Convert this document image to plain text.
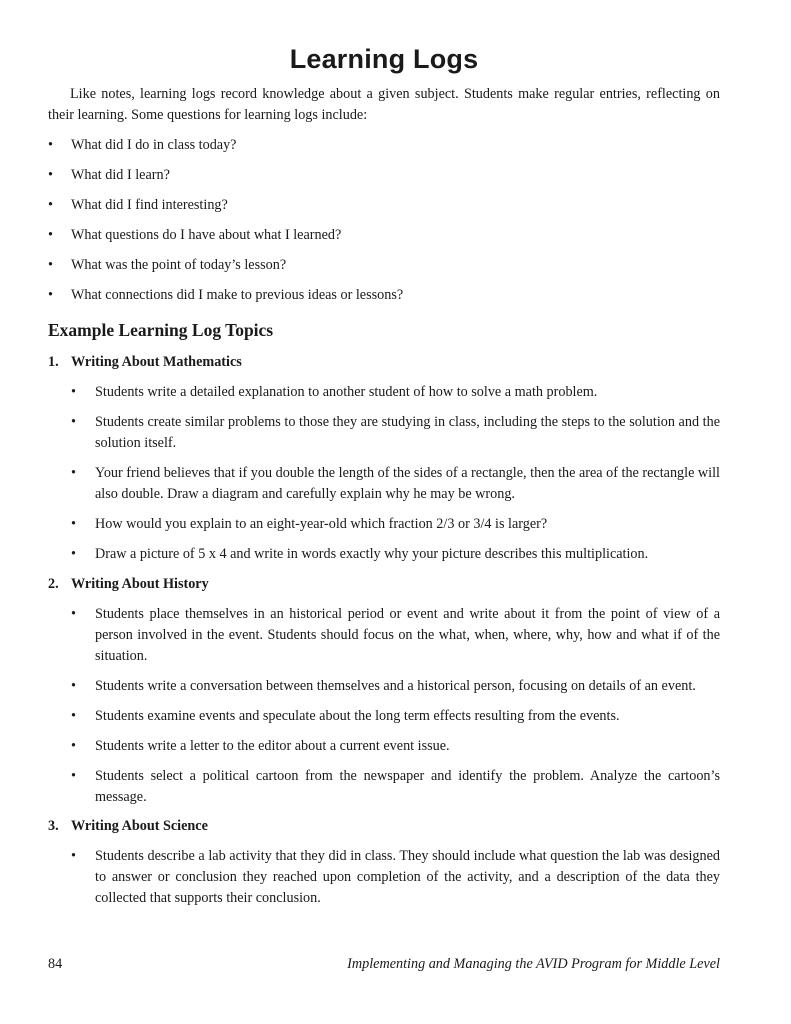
Learning Logs

Like notes, learning logs record knowledge about a given subject. Students make regular entries, reflecting on their learning. Some questions for learning logs include:

• What did I do in class today?
• What did I learn?
• What did I find interesting?
• What questions do I have about what I learned?
• What was the point of today’s lesson?
• What connections did I make to previous ideas or lessons?
Example Learning Log Topics

1. Writing About Mathematics

• Students write a detailed explanation to another student of how to solve a math problem.
• Students create similar problems to those they are studying in class, including the steps to the solution and the solution itself.
• Your friend believes that if you double the length of the sides of a rectangle, then the area of the rectangle will also double. Draw a diagram and carefully explain why he may be wrong.
• How would you explain to an eight-year-old which fraction 2/3 or 3/4 is larger?
• Draw a picture of 5 x 4 and write in words exactly why your picture describes this multiplication.

2. Writing About History

• Students place themselves in an historical period or event and write about it from the point of view of a person involved in the event. Students should focus on the what, when, where, why, how and what if of the situation.
• Students write a conversation between themselves and a historical person, focusing on details of an event.
• Students examine events and speculate about the long term effects resulting from the events.
• Students write a letter to the editor about a current event issue.
• Students select a political cartoon from the newspaper and identify the problem. Analyze the cartoon’s message.

3. Writing About Science

• Students describe a lab activity that they did in class. They should include what question the lab was designed to answer or conclusion they reached upon completion of the activity, and a description of the data they collected that supports their conclusion.
84	Implementing and Managing the AVID Program for Middle Level
